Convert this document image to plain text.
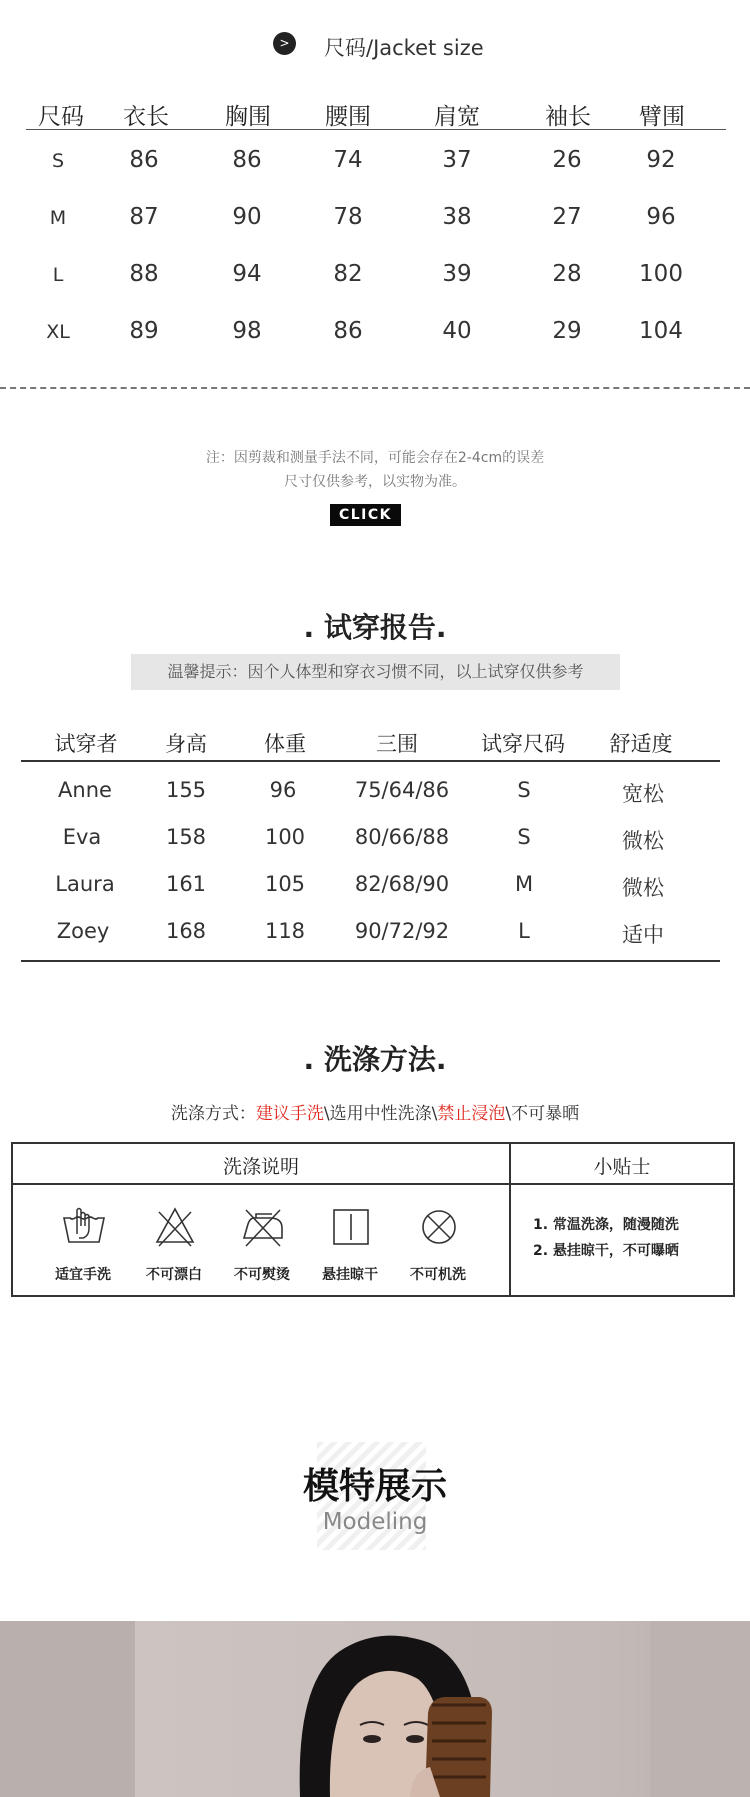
>	尺码/Jacket size
尺码 衣长 胸围 腰围	肩宽	袖长 臂围
S	86	86	74	37	26	92
M	87	90	78	38	27	96
L	88	94	82	39	28 100
XL	89	98	86	40	29 104
注：因剪裁和测量手法不同，可能会存在2-4cm的误差
尺寸仅供参考，以实物为准。
CLICK
. 试穿报告.
温馨提示：因个人体型和穿衣习惯不同，以上试穿仅供参考
试穿者 身高	体重	三围	试穿尺码 舒适度
Anne	155	96	75/64/86	S	宽松
Eva	158	100 80/66/88	S	微松
Laura 161	105 82/68/90	M	微松
Zoey	168	118 90/72/92	L	适中
. 洗涤方法.
洗涤方式：建议手洗\选用中性洗涤\禁止浸泡\不可暴晒
洗涤说明	小贴士
适宜手洗	不可漂白	不可熨烫	悬挂晾干	不可机洗
1. 常温洗涤，随漫随洗
2. 悬挂晾干，不可曝晒
模特展示
Modeling
